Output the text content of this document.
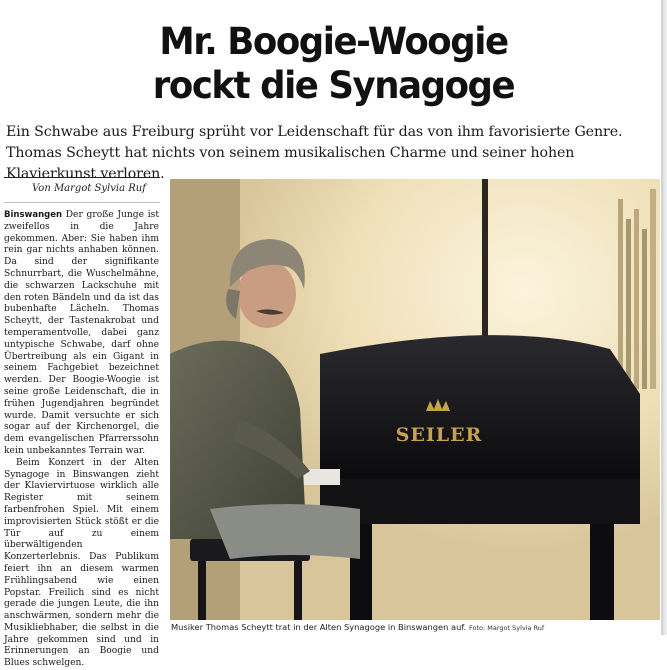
Mr. Boogie-Woogie
rockt die Synagoge
Ein Schwabe aus Freiburg sprüht vor Leidenschaft für das von ihm favorisierte Genre. Thomas Scheytt hat nichts von seinem musikalischen Charme und seiner hohen Klavierkunst verloren.
Von Margot Sylvia Ruf

Binswangen Der große Junge ist zweifellos in die Jahre gekommen. Aber: Sie haben ihm rein gar nichts anhaben können. Da sind der signifikante Schnurrbart, die Wuschelmähne, die schwarzen Lackschuhe mit den roten Bändeln und da ist das bubenhafte Lächeln. Thomas Scheytt, der Tastenakrobat und temperamentvolle, dabei ganz untypische Schwabe, darf ohne Übertreibung als ein Gigant in seinem Fachgebiet bezeichnet werden. Der Boogie-Woogie ist seine große Leidenschaft, die in frühen Jugendjahren begründet wurde. Damit versuchte er sich sogar auf der Kirchenorgel, die dem evangelischen Pfarrerssohn kein unbekanntes Terrain war.

Beim Konzert in der Alten Synagoge in Binswangen zieht der Klaviervirtuose wirklich alle Register mit seinem farbenfrohen Spiel. Mit einem improvisierten Stück stößt er die Tür auf zu einem überwältigenden Konzerterlebnis. Das Publikum feiert ihn an diesem warmen Frühlingsabend wie einen Popstar. Freilich sind es nicht gerade die jungen Leute, die ihn anschwärmen, sondern mehr die Musikliebhaber, die selbst in die Jahre gekommen sind und in Erinnerungen an Boogie und Blues schwelgen.

SEILER
Musiker Thomas Scheytt trat in der Alten Synagoge in Binswangen auf. Foto: Margot Sylvia Ruf
